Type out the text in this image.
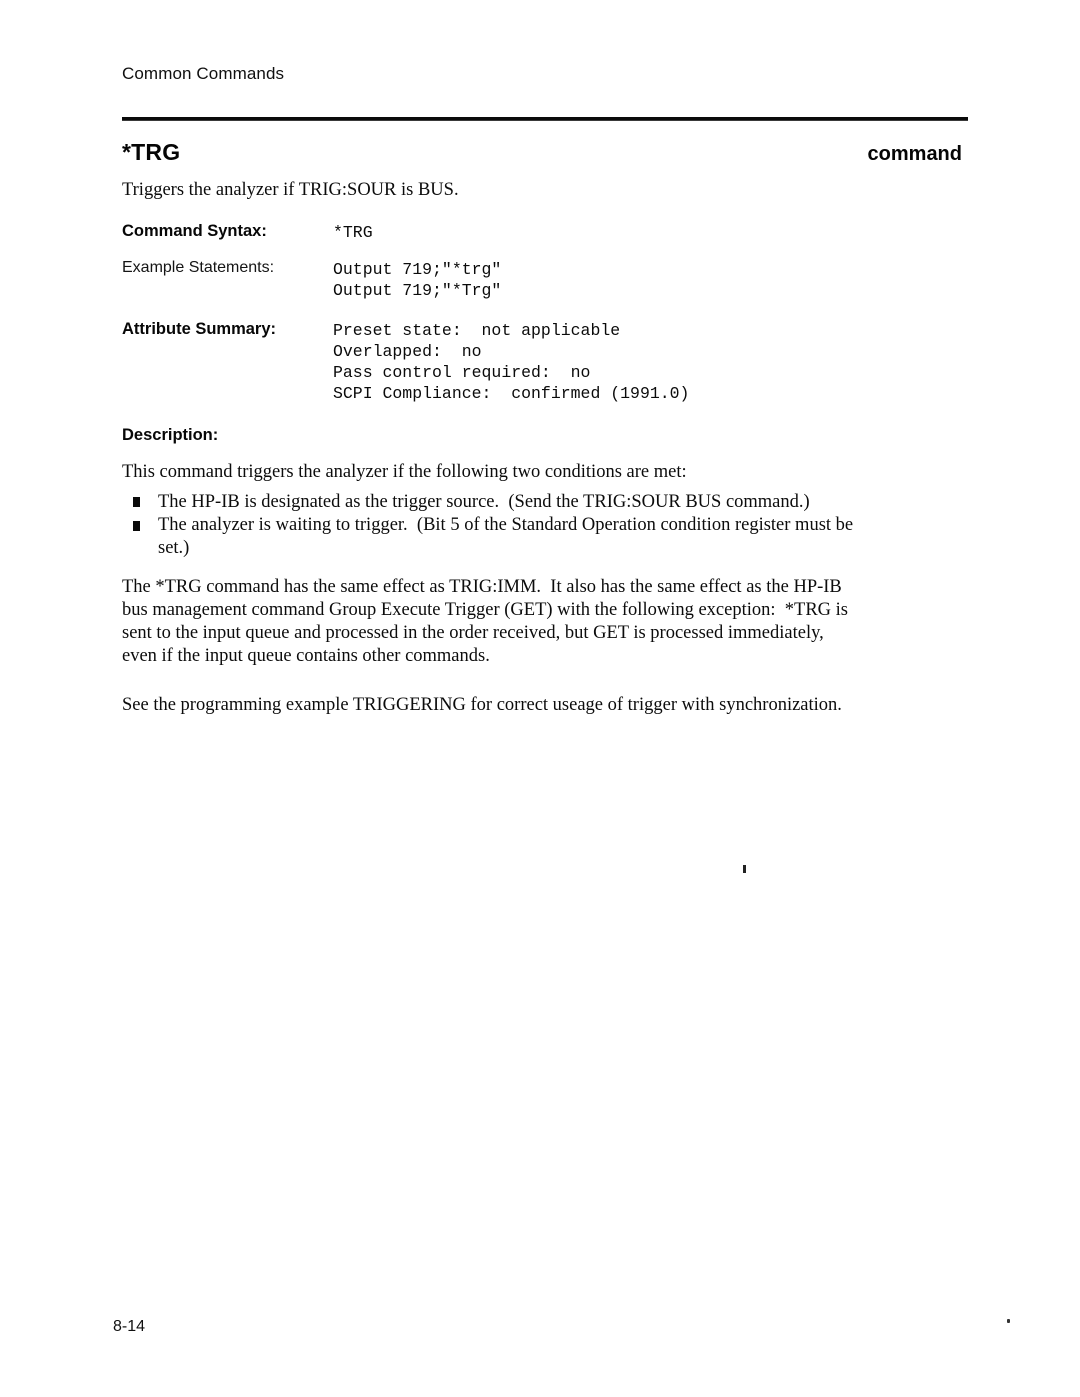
Common Commands
*TRG	command
Triggers the analyzer if TRIG:SOUR is BUS.
Command Syntax:	*TRG
Example Statements:	Output 719;"*trg"
Output 719;"*Trg"
Attribute Summary:	Preset state:  not applicable
Overlapped:  no
Pass control required:  no
SCPI Compliance:  confirmed (1991.0)
Description:
This command triggers the analyzer if the following two conditions are met:
The HP-IB is designated as the trigger source.  (Send the TRIG:SOUR BUS command.)
The analyzer is waiting to trigger.  (Bit 5 of the Standard Operation condition register must be
set.)
The *TRG command has the same effect as TRIG:IMM.  It also has the same effect as the HP-IB
bus management command Group Execute Trigger (GET) with the following exception:  *TRG is
sent to the input queue and processed in the order received, but GET is processed immediately,
even if the input queue contains other commands.
See the programming example TRIGGERING for correct useage of trigger with synchronization.
8-14
